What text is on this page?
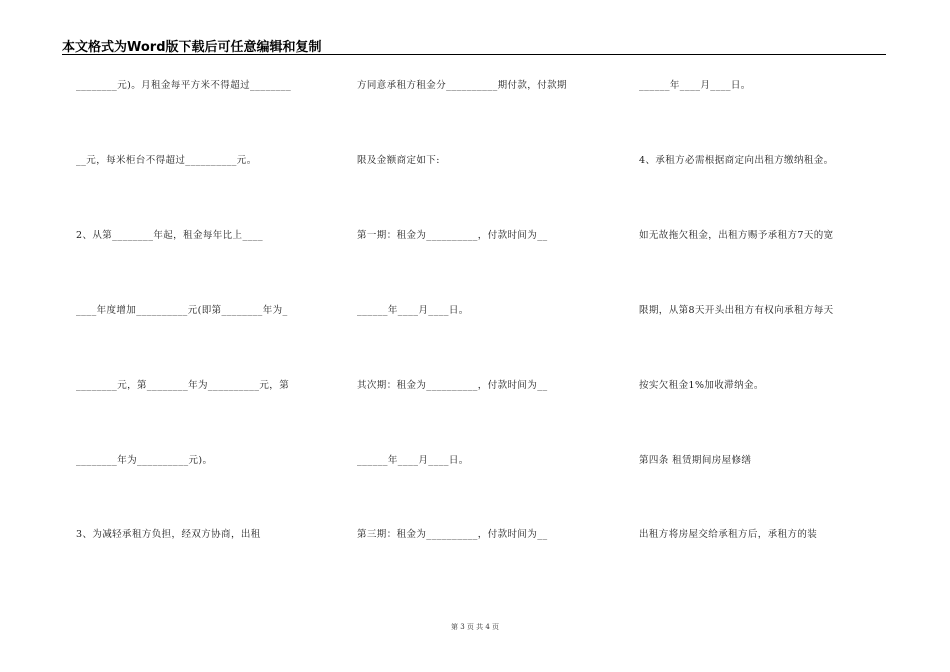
本文格式为Word版下载后可任意编辑和复制
________元)。月租金每平方米不得超过________
__元，每米柜台不得超过__________元。
2、从第________年起，租金每年比上____
____年度增加__________元(即第________年为_
________元，第________年为__________元，第
________年为__________元)。
3、为减轻承租方负担，经双方协商，出租
方同意承租方租金分__________期付款，付款期
限及金额商定如下:
第一期：租金为__________，付款时间为__
______年____月____日。
其次期：租金为__________，付款时间为__
______年____月____日。
第三期：租金为__________，付款时间为__
______年____月____日。
4、承租方必需根据商定向出租方缴纳租金。
如无故拖欠租金，出租方赐予承租方7天的宽
限期，从第8天开头出租方有权向承租方每天
按实欠租金1%加收滞纳金。
第四条 租赁期间房屋修缮
出租方将房屋交给承租方后，承租方的装
第 3 页 共 4 页
